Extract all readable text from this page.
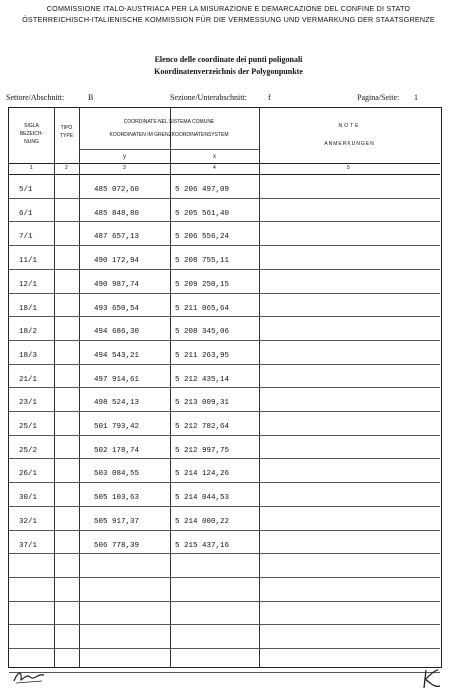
COMMISSIONE ITALO-AUSTRIACA PER LA MISURAZIONE E DEMARCAZIONE DEL CONFINE DI STATO
ÖSTERREICHISCH-ITALIENISCHE KOMMISSION FÜR DIE VERMESSUNG UND VERMARKUNG DER STAATSGRENZE
Elenco delle coordinate dei punti poligonali
Koordinatenverzeichnis der Polygonpunkte
Settore/Abschnitt:	B	Sezione/Unterabschnitt:	f	Pagina/Seite: 1
SIGLA
BEZEICH-
NUNG
TIPO
TYPE
COORDINATE NEL SISTEMA COMUNE
KOORDINATEN IM GRENZKOORDINATENSYSTEM
y	x
NOTE
ANMERKUNGEN
1	2	3	4	5
5/1	485 072,60	5 206 497,09
6/1	485 848,80	5 205 561,40
7/1	487 657,13	5 206 556,24
11/1	490 172,94	5 208 755,11
12/1	490 987,74	5 209 250,15
18/1	493 650,54	5 211 065,64
18/2	494 686,30	5 208 345,06
18/3	494 543,21	5 211 263,95
21/1	497 914,61	5 212 435,14
23/1	498 524,13	5 213 009,31
25/1	501 793,42	5 212 782,64
25/2	502 178,74	5 212 997,75
26/1	503 084,55	5 214 124,26
30/1	505 103,63	5 214 044,53
32/1	505 917,37	5 214 000,22
37/1	506 778,39	5 215 437,16
